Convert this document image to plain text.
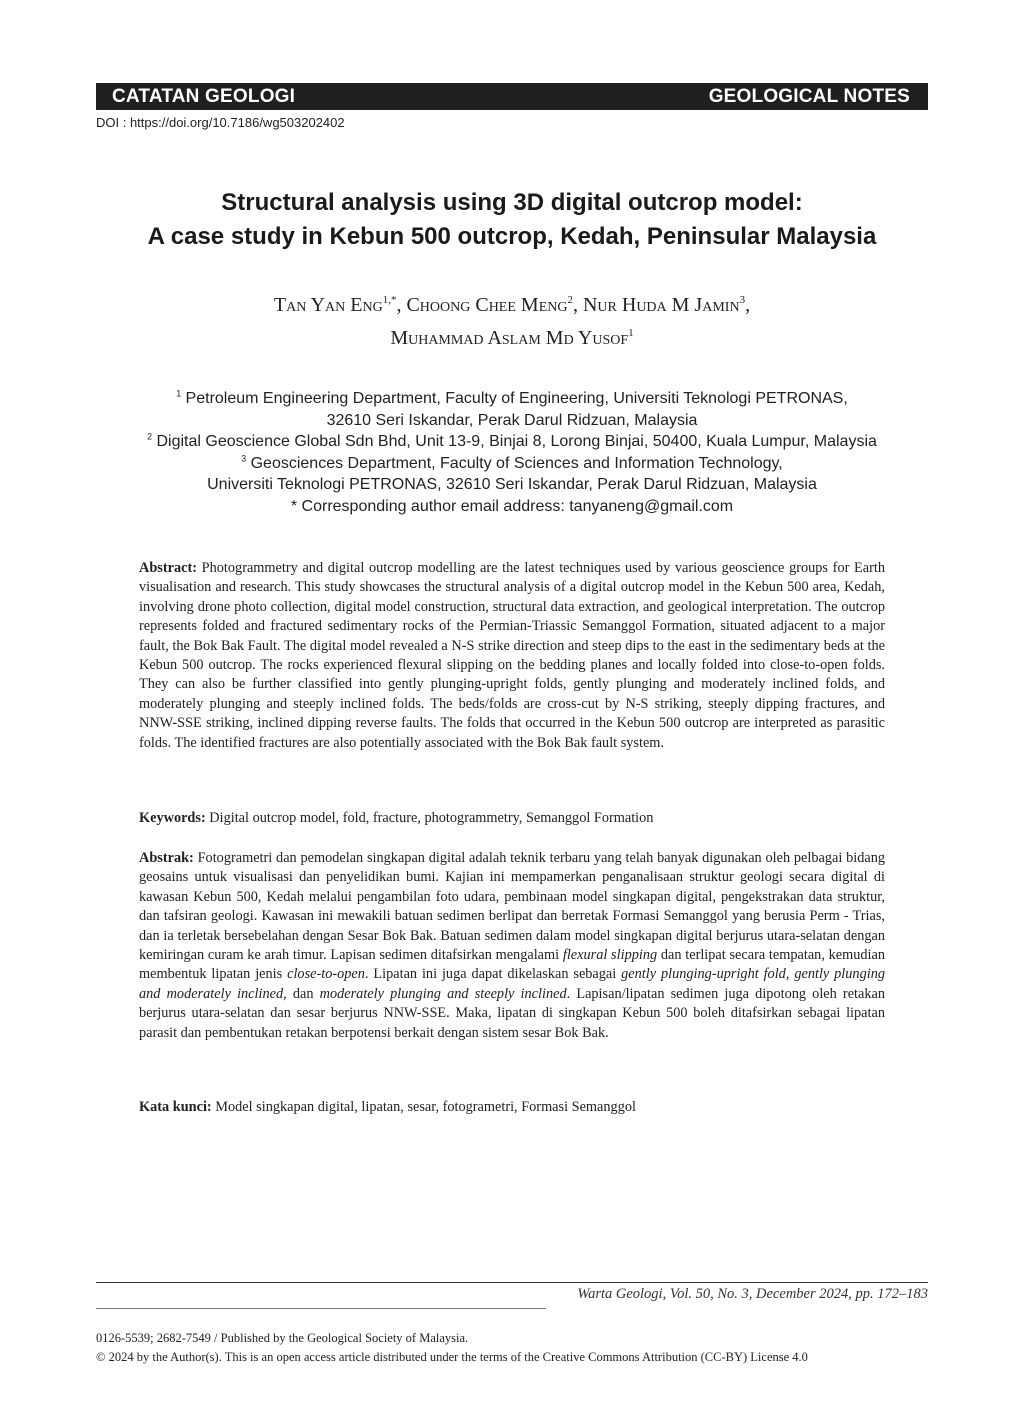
CATATAN GEOLOGI	GEOLOGICAL NOTES
DOI : https://doi.org/10.7186/wg503202402
Structural analysis using 3D digital outcrop model:
A case study in Kebun 500 outcrop, Kedah, Peninsular Malaysia
Tan Yan Eng$^{1,*}$, Choong Chee Meng$^2$, Nur Huda M Jamin$^3$,
Muhammad Aslam Md Yusof$^1$
$^1$ Petroleum Engineering Department, Faculty of Engineering, Universiti Teknologi PETRONAS,
32610 Seri Iskandar, Perak Darul Ridzuan, Malaysia
$^2$ Digital Geoscience Global Sdn Bhd, Unit 13-9, Binjai 8, Lorong Binjai, 50400, Kuala Lumpur, Malaysia
$^3$ Geosciences Department, Faculty of Sciences and Information Technology,
Universiti Teknologi PETRONAS, 32610 Seri Iskandar, Perak Darul Ridzuan, Malaysia
* Corresponding author email address: tanyaneng@gmail.com

Abstract: Photogrammetry and digital outcrop modelling are the latest techniques used by various geoscience groups for Earth visualisation and research. This study showcases the structural analysis of a digital outcrop model in the Kebun 500 area, Kedah, involving drone photo collection, digital model construction, structural data extraction, and geological interpretation. The outcrop represents folded and fractured sedimentary rocks of the Permian-Triassic Semanggol Formation, situated adjacent to a major fault, the Bok Bak Fault. The digital model revealed a N-S strike direction and steep dips to the east in the sedimentary beds at the Kebun 500 outcrop. The rocks experienced flexural slipping on the bedding planes and locally folded into close-to-open folds. They can also be further classified into gently plunging-upright folds, gently plunging and moderately inclined folds, and moderately plunging and steeply inclined folds. The beds/folds are cross-cut by N-S striking, steeply dipping fractures, and NNW-SSE striking, inclined dipping reverse faults. The folds that occurred in the Kebun 500 outcrop are interpreted as parasitic folds. The identified fractures are also potentially associated with the Bok Bak fault system.

Keywords: Digital outcrop model, fold, fracture, photogrammetry, Semanggol Formation

Abstrak: Fotogrametri dan pemodelan singkapan digital adalah teknik terbaru yang telah banyak digunakan oleh pelbagai bidang geosains untuk visualisasi dan penyelidikan bumi. Kajian ini mempamerkan penganalisaan struktur geologi secara digital di kawasan Kebun 500, Kedah melalui pengambilan foto udara, pembinaan model singkapan digital, pengekstrakan data struktur, dan tafsiran geologi. Kawasan ini mewakili batuan sedimen berlipat dan berretak Formasi Semanggol yang berusia Perm - Trias, dan ia terletak bersebelahan dengan Sesar Bok Bak. Batuan sedimen dalam model singkapan digital berjurus utara-selatan dengan kemiringan curam ke arah timur. Lapisan sedimen ditafsirkan mengalami flexural slipping dan terlipat secara tempatan, kemudian membentuk lipatan jenis close-to-open. Lipatan ini juga dapat dikelaskan sebagai gently plunging-upright fold, gently plunging and moderately inclined, dan moderately plunging and steeply inclined. Lapisan/lipatan sedimen juga dipotong oleh retakan berjurus utara-selatan dan sesar berjurus NNW-SSE. Maka, lipatan di singkapan Kebun 500 boleh ditafsirkan sebagai lipatan parasit dan pembentukan retakan berpotensi berkait dengan sistem sesar Bok Bak.

Kata kunci: Model singkapan digital, lipatan, sesar, fotogrametri, Formasi Semanggol

Warta Geologi, Vol. 50, No. 3, December 2024, pp. 172–183
0126-5539; 2682-7549 / Published by the Geological Society of Malaysia.
© 2024 by the Author(s). This is an open access article distributed under the terms of the Creative Commons Attribution (CC-BY) License 4.0
